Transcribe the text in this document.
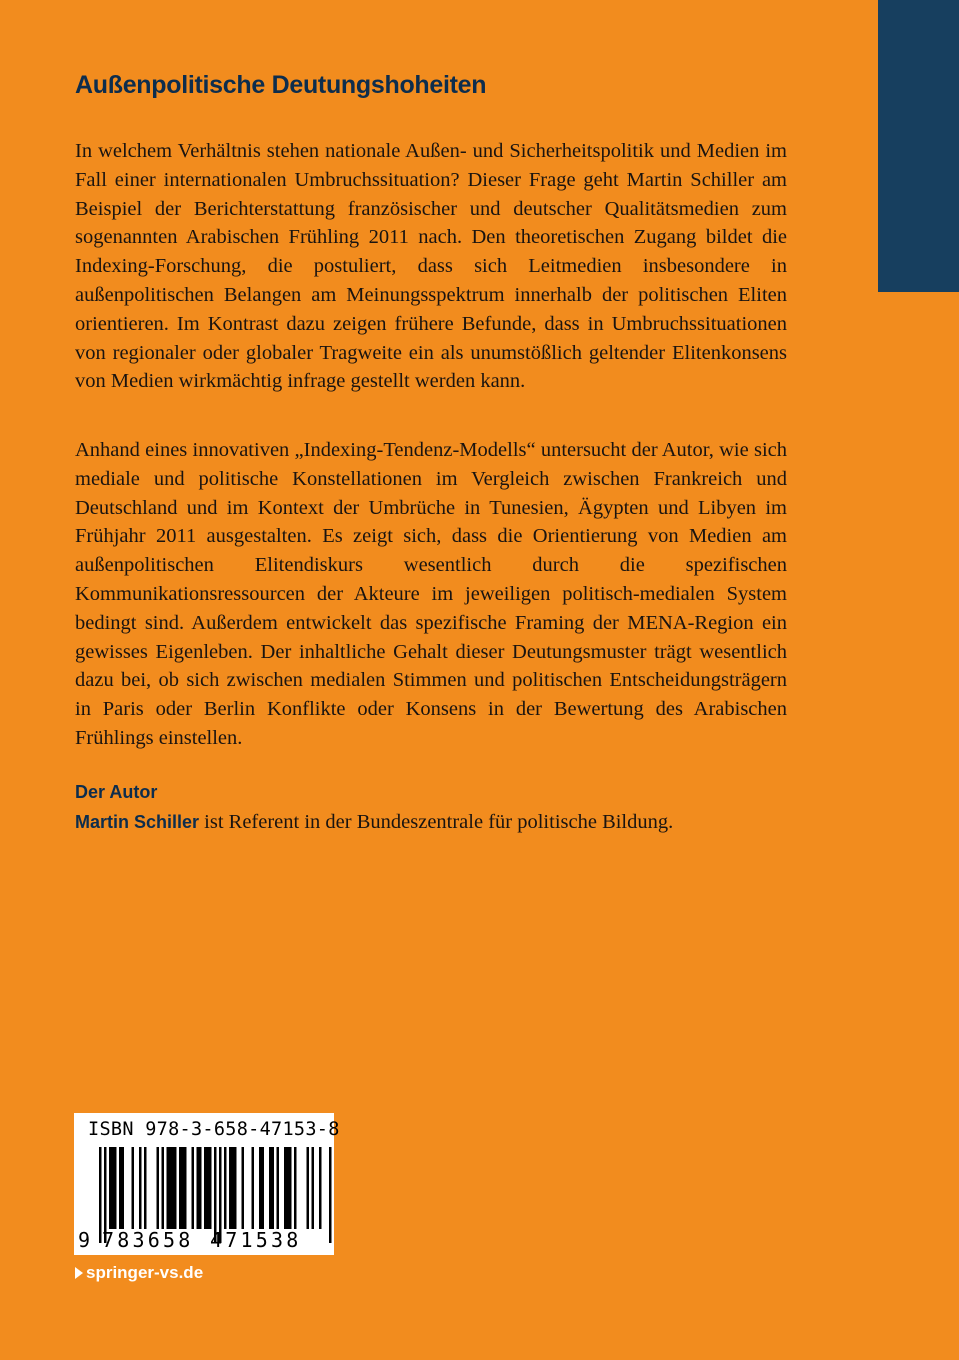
Außenpolitische Deutungshoheiten

In welchem Verhältnis stehen nationale Außen- und Sicherheitspolitik und Medien im Fall einer internationalen Umbruchssituation? Dieser Frage geht Martin Schiller am Beispiel der Berichterstattung französischer und deutscher Qualitätsmedien zum sogenannten Arabischen Frühling 2011 nach. Den theoretischen Zugang bildet die Indexing-Forschung, die postuliert, dass sich Leitmedien insbesondere in außenpolitischen Belangen am Meinungsspektrum innerhalb der politischen Eliten orientieren. Im Kontrast dazu zeigen frühere Befunde, dass in Umbruchssituationen von regionaler oder globaler Tragweite ein als unumstößlich geltender Elitenkonsens von Medien wirkmächtig infrage gestellt werden kann.

Anhand eines innovativen „Indexing-Tendenz-Modells“ untersucht der Autor, wie sich mediale und politische Konstellationen im Vergleich zwischen Frankreich und Deutschland und im Kontext der Umbrüche in Tunesien, Ägypten und Libyen im Frühjahr 2011 ausgestalten. Es zeigt sich, dass die Orientierung von Medien am außenpolitischen Elitendiskurs wesentlich durch die spezifischen Kommunikationsressourcen der Akteure im jeweiligen politisch-medialen System bedingt sind. Außerdem entwickelt das spezifische Framing der MENA-Region ein gewisses Eigenleben. Der inhaltliche Gehalt dieser Deutungsmuster trägt wesentlich dazu bei, ob sich zwischen medialen Stimmen und politischen Entscheidungsträgern in Paris oder Berlin Konflikte oder Konsens in der Bewertung des Arabischen Frühlings einstellen.

Der Autor

Martin Schiller ist Referent in der Bundeszentrale für politische Bildung.

ISBN 978-3-658-47153-8
9 783658 471538
springer-vs.de
